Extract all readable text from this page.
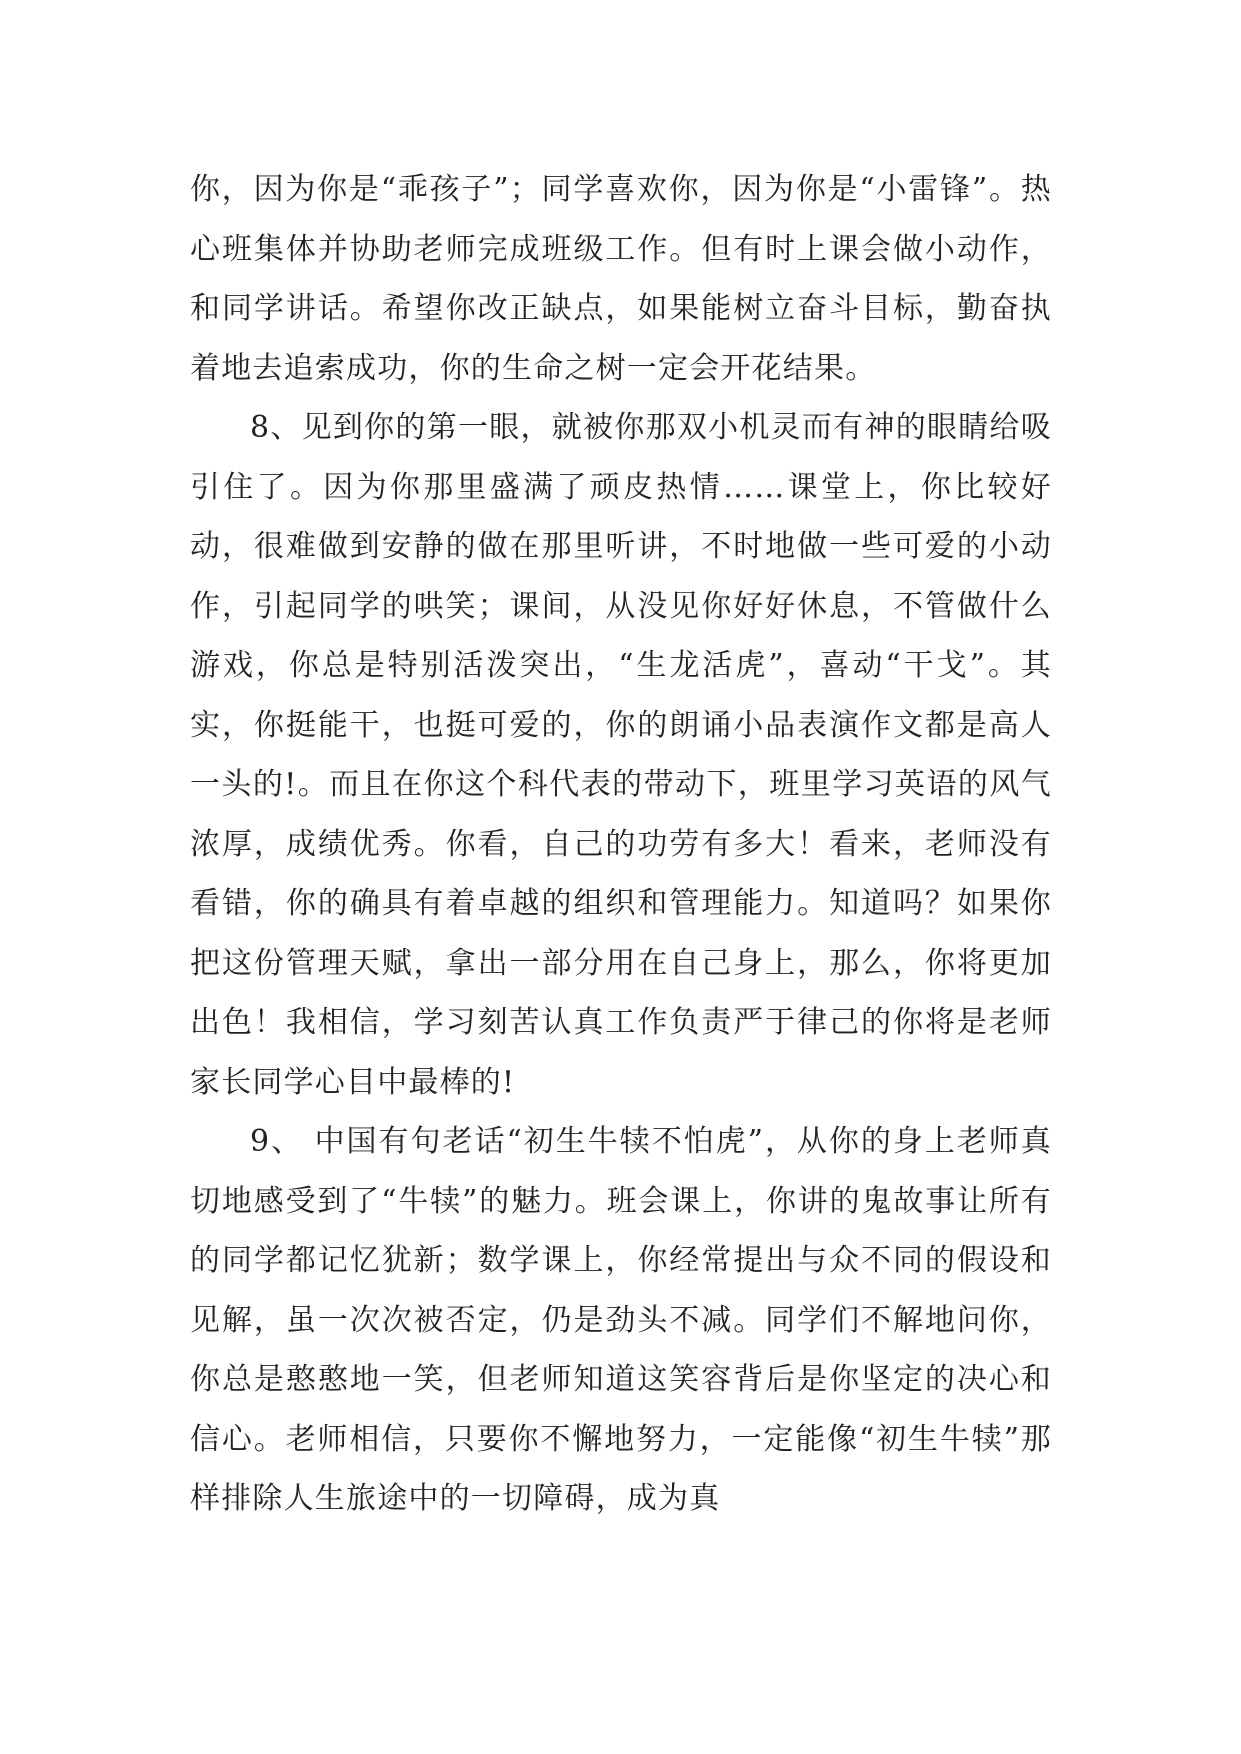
你，因为你是“乖孩子”；同学喜欢你，因为你是“小雷锋”。热心班集体并协助老师完成班级工作。但有时上课会做小动作，和同学讲话。希望你改正缺点，如果能树立奋斗目标，勤奋执着地去追索成功，你的生命之树一定会开花结果。

8、见到你的第一眼，就被你那双小机灵而有神的眼睛给吸引住了。因为你那里盛满了顽皮热情……课堂上，你比较好动，很难做到安静的做在那里听讲，不时地做一些可爱的小动作，引起同学的哄笑；课间，从没见你好好休息，不管做什么游戏，你总是特别活泼突出，“生龙活虎”，喜动“干戈”。其实，你挺能干，也挺可爱的，你的朗诵小品表演作文都是高人一头的!。而且在你这个科代表的带动下，班里学习英语的风气浓厚，成绩优秀。你看，自己的功劳有多大！看来，老师没有看错，你的确具有着卓越的组织和管理能力。知道吗？如果你把这份管理天赋，拿出一部分用在自己身上，那么，你将更加出色！我相信，学习刻苦认真工作负责严于律己的你将是老师家长同学心目中最棒的!

9、 中国有句老话“初生牛犊不怕虎”，从你的身上老师真切地感受到了“牛犊”的魅力。班会课上，你讲的鬼故事让所有的同学都记忆犹新；数学课上，你经常提出与众不同的假设和见解，虽一次次被否定，仍是劲头不减。同学们不解地问你，你总是憨憨地一笑，但老师知道这笑容背后是你坚定的决心和信心。老师相信，只要你不懈地努力，一定能像“初生牛犊”那样排除人生旅途中的一切障碍，成为真
